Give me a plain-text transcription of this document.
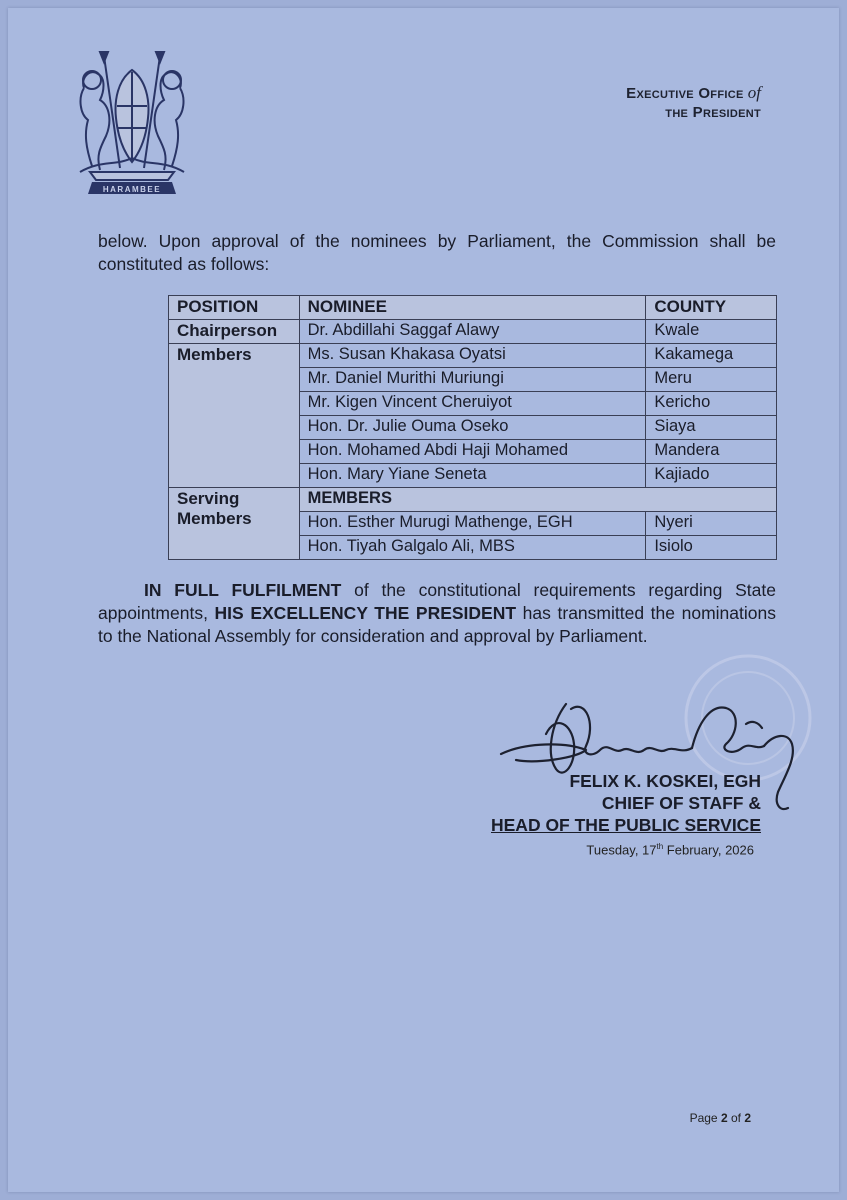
HARAMBEE
Executive Office of
the President
below. Upon approval of the nominees by Parliament, the Commission shall be constituted as follows:
POSITION	NOMINEE	COUNTY
Chairperson	Dr. Abdillahi Saggaf Alawy	Kwale
Members	Ms. Susan Khakasa Oyatsi	Kakamega
	Mr. Daniel Murithi Muriungi	Meru
	Mr. Kigen Vincent Cheruiyot	Kericho
	Hon. Dr. Julie Ouma Oseko	Siaya
	Hon. Mohamed Abdi Haji Mohamed	Mandera
	Hon. Mary Yiane Seneta	Kajiado
Serving
Members	MEMBERS	
	Hon. Esther Murugi Mathenge, EGH	Nyeri
	Hon. Tiyah Galgalo Ali, MBS	Isiolo
IN FULL FULFILMENT of the constitutional requirements regarding State appointments, HIS EXCELLENCY THE PRESIDENT has transmitted the nominations to the National Assembly for consideration and approval by Parliament.
FELIX K. KOSKEI, EGH
CHIEF OF STAFF &
HEAD OF THE PUBLIC SERVICE
Tuesday, 17th February, 2026
Page 2 of 2
